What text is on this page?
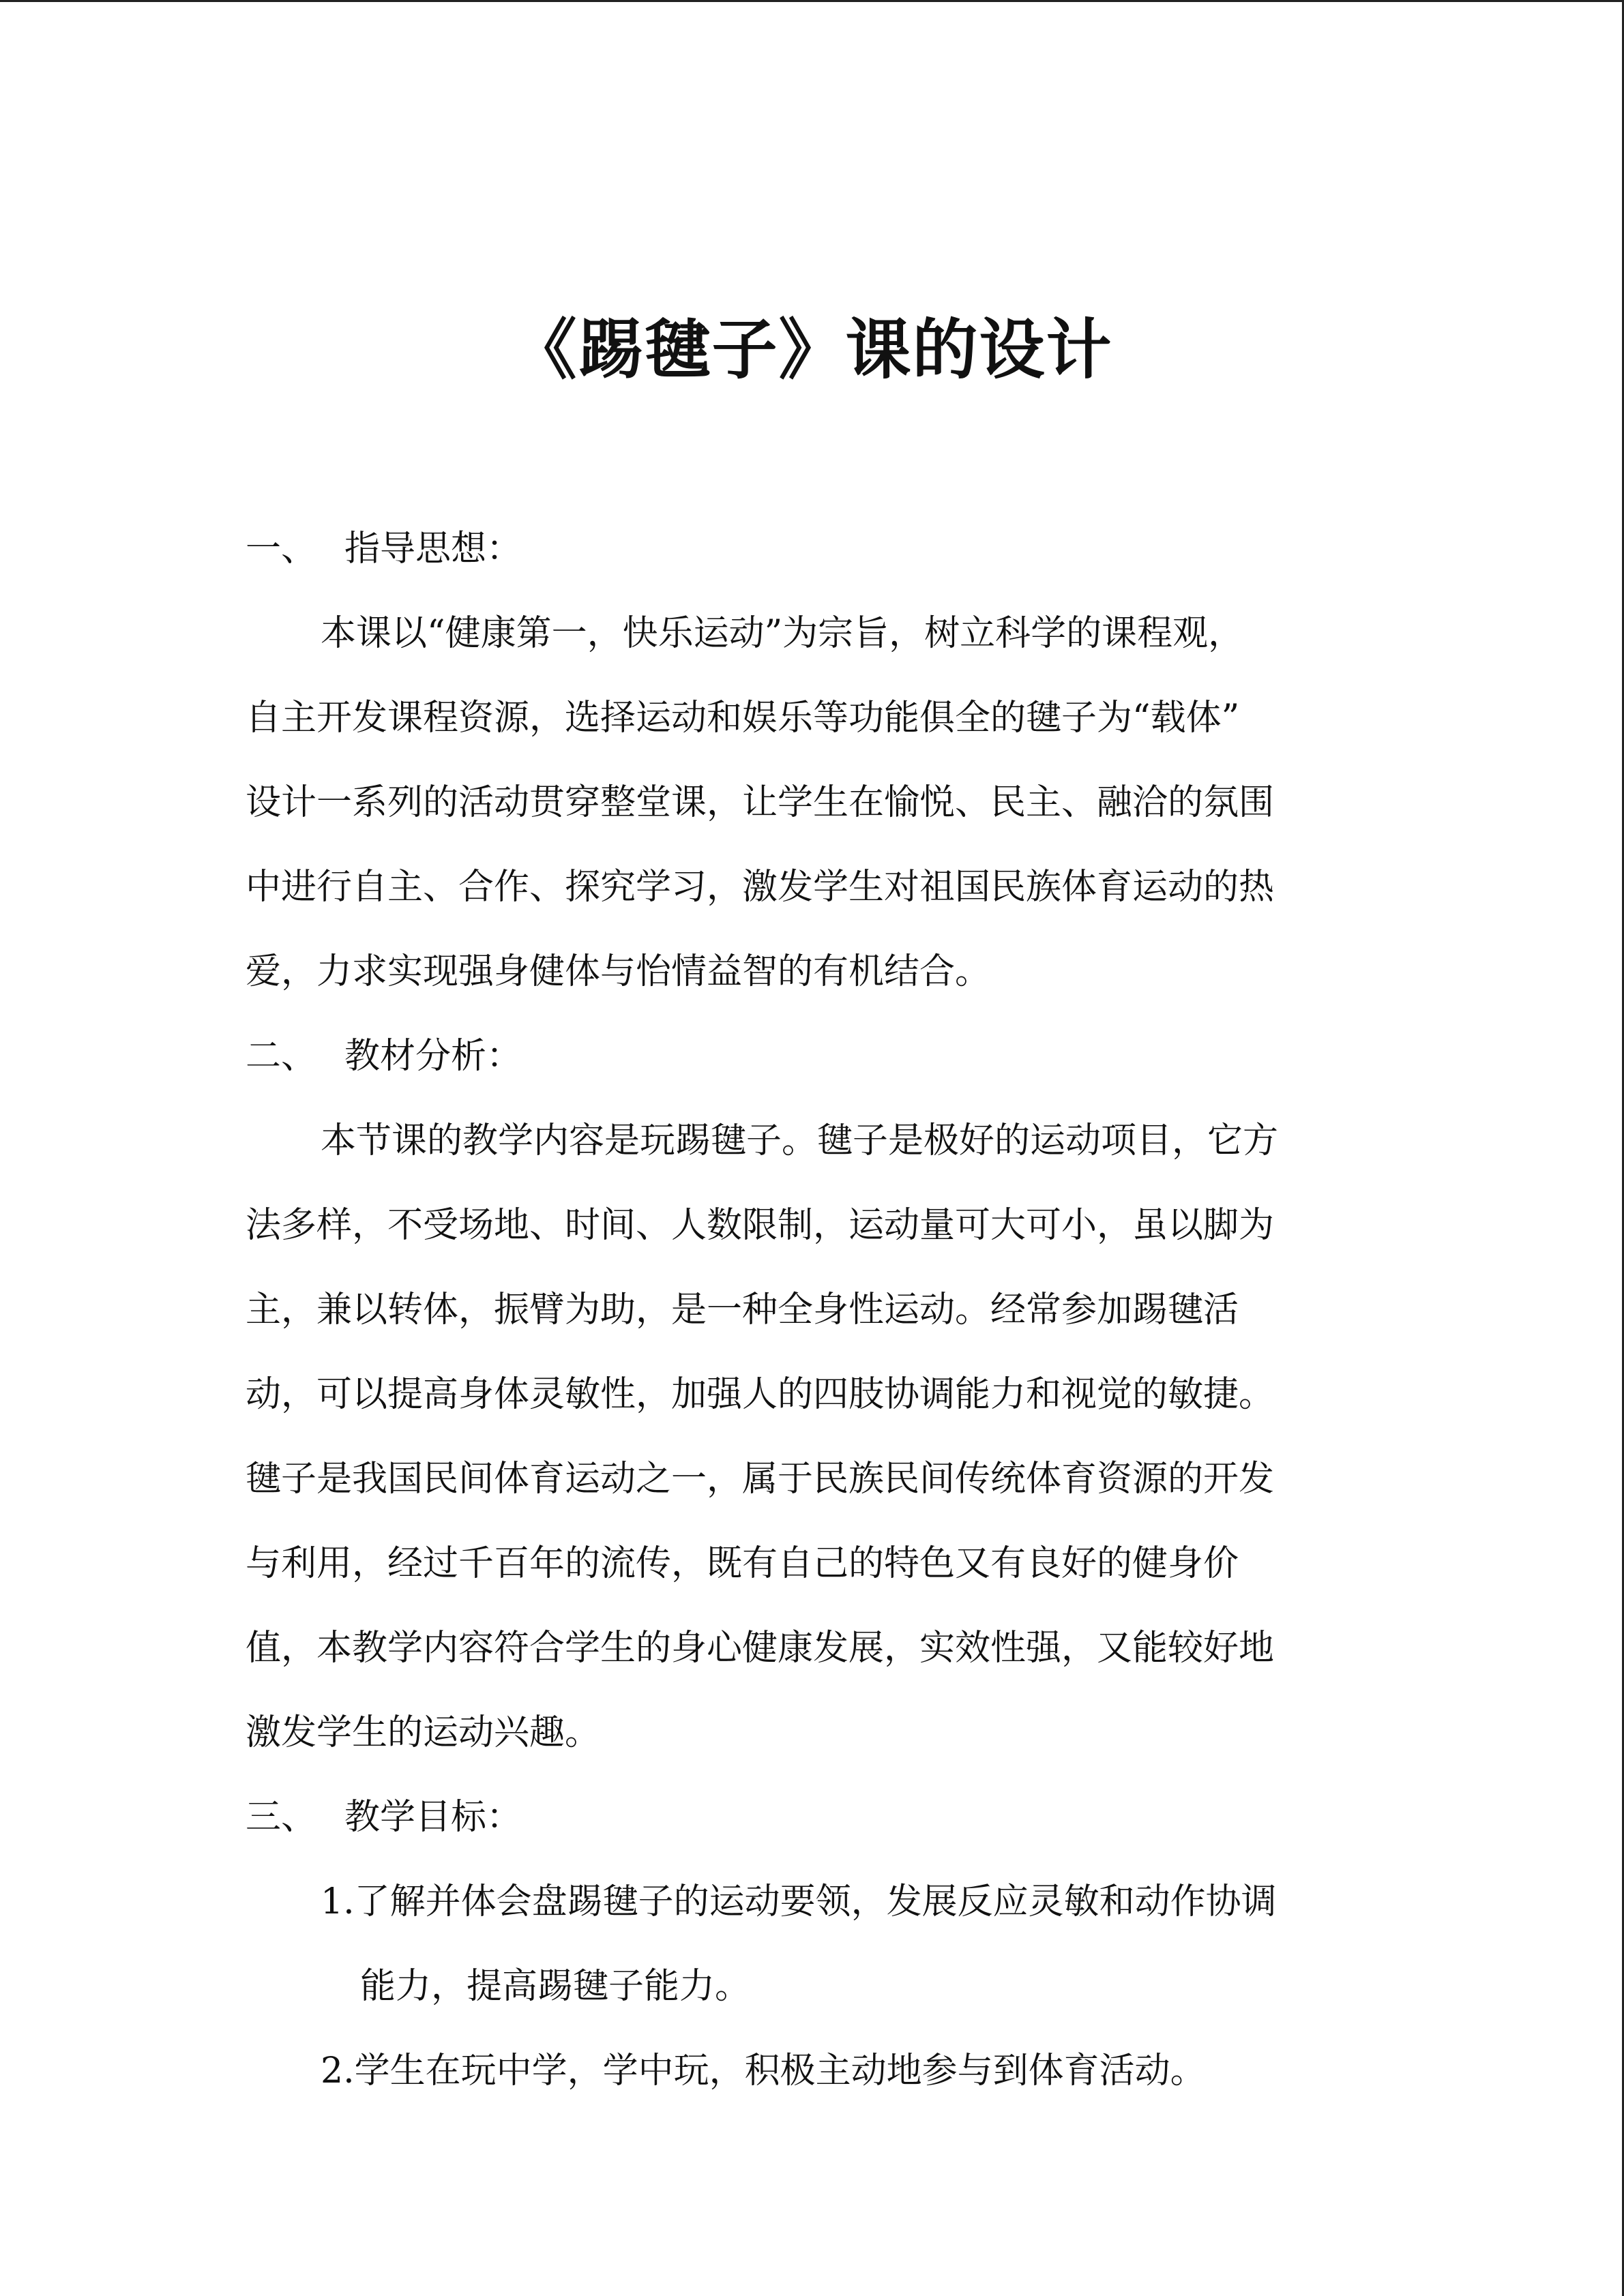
《踢毽子》课的设计
一、 指导思想：
本课以“健康第一，快乐运动”为宗旨，树立科学的课程观，
自主开发课程资源，选择运动和娱乐等功能俱全的毽子为“载体”
设计一系列的活动贯穿整堂课，让学生在愉悦、民主、融洽的氛围
中进行自主、合作、探究学习，激发学生对祖国民族体育运动的热
爱，力求实现强身健体与怡情益智的有机结合。
二、 教材分析：
本节课的教学内容是玩踢毽子。毽子是极好的运动项目，它方
法多样，不受场地、时间、人数限制，运动量可大可小，虽以脚为
主，兼以转体，振臂为助，是一种全身性运动。经常参加踢毽活
动，可以提高身体灵敏性，加强人的四肢协调能力和视觉的敏捷。
毽子是我国民间体育运动之一，属于民族民间传统体育资源的开发
与利用，经过千百年的流传，既有自己的特色又有良好的健身价
值，本教学内容符合学生的身心健康发展，实效性强，又能较好地
激发学生的运动兴趣。
三、 教学目标：
1.了解并体会盘踢毽子的运动要领，发展反应灵敏和动作协调
能力，提高踢毽子能力。
2.学生在玩中学，学中玩，积极主动地参与到体育活动。
